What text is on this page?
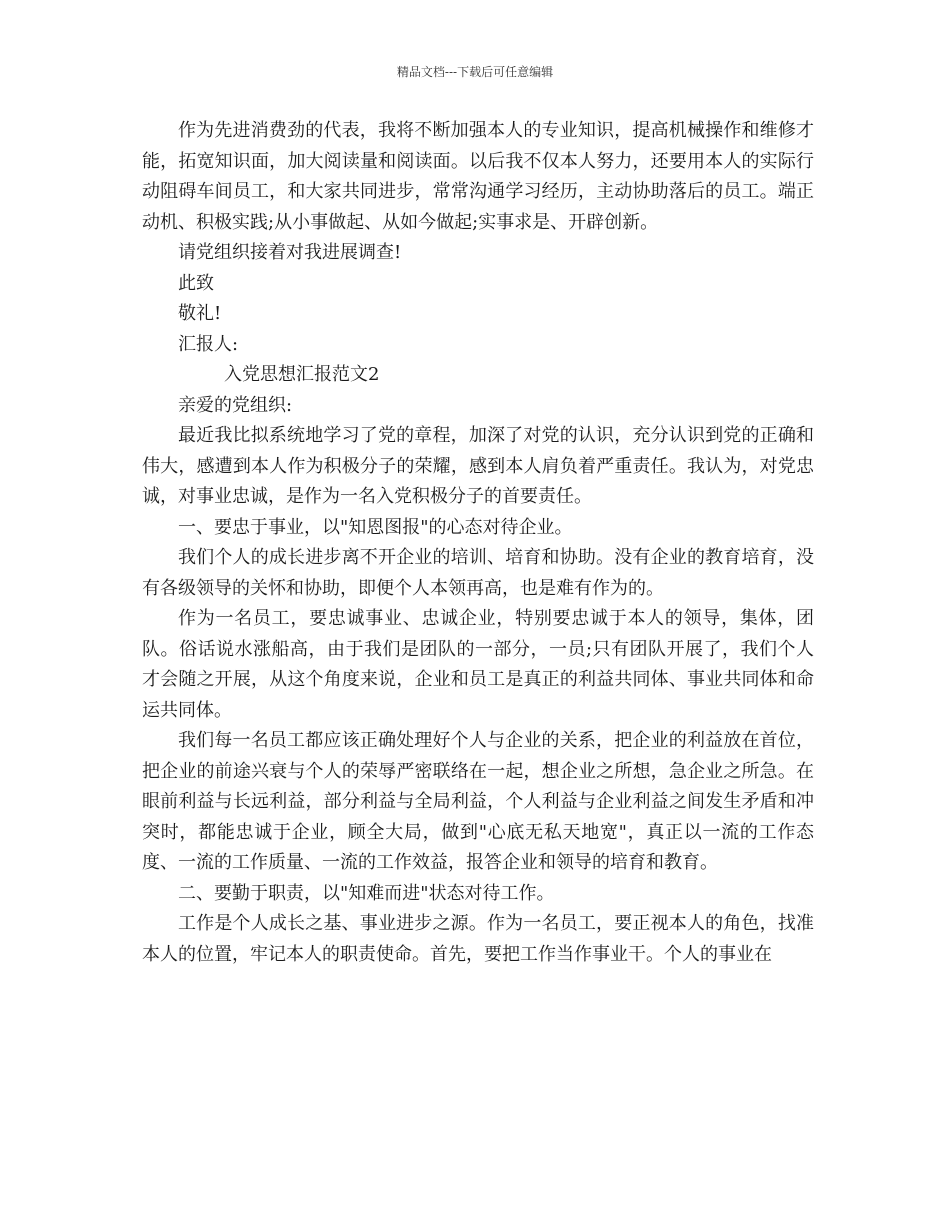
精品文档---下载后可任意编辑

作为先进消费劲的代表，我将不断加强本人的专业知识，提高机械操作和维修才能，拓宽知识面，加大阅读量和阅读面。以后我不仅本人努力，还要用本人的实际行动阻碍车间员工，和大家共同进步，常常沟通学习经历，主动协助落后的员工。端正动机、积极实践;从小事做起、从如今做起;实事求是、开辟创新。

请党组织接着对我进展调查!

此致

敬礼!

汇报人:

入党思想汇报范文2

亲爱的党组织:

最近我比拟系统地学习了党的章程，加深了对党的认识，充分认识到党的正确和伟大，感遭到本人作为积极分子的荣耀，感到本人肩负着严重责任。我认为，对党忠诚，对事业忠诚，是作为一名入党积极分子的首要责任。

一、要忠于事业，以"知恩图报"的心态对待企业。

我们个人的成长进步离不开企业的培训、培育和协助。没有企业的教育培育，没有各级领导的关怀和协助，即便个人本领再高，也是难有作为的。

作为一名员工，要忠诚事业、忠诚企业，特别要忠诚于本人的领导，集体，团队。俗话说水涨船高，由于我们是团队的一部分，一员;只有团队开展了，我们个人才会随之开展，从这个角度来说，企业和员工是真正的利益共同体、事业共同体和命运共同体。

我们每一名员工都应该正确处理好个人与企业的关系，把企业的利益放在首位，把企业的前途兴衰与个人的荣辱严密联络在一起，想企业之所想，急企业之所急。在眼前利益与长远利益，部分利益与全局利益，个人利益与企业利益之间发生矛盾和冲突时，都能忠诚于企业，顾全大局，做到"心底无私天地宽"，真正以一流的工作态度、一流的工作质量、一流的工作效益，报答企业和领导的培育和教育。

二、要勤于职责，以"知难而进"状态对待工作。

工作是个人成长之基、事业进步之源。作为一名员工，要正视本人的角色，找准本人的位置，牢记本人的职责使命。首先，要把工作当作事业干。个人的事业在
